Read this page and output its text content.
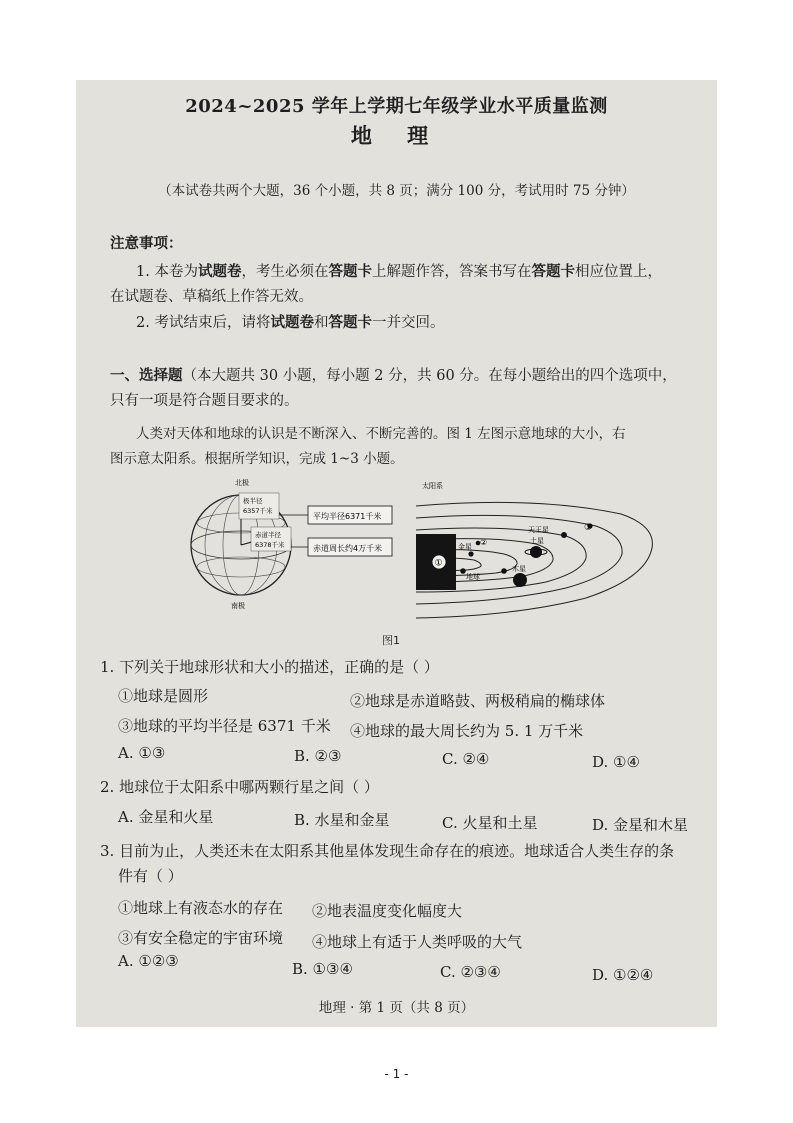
2024~2025 学年上学期七年级学业水平质量监测
地 理
（本试卷共两个大题，36 个小题，共 8 页；满分 100 分，考试用时 75 分钟）
注意事项：
1. 本卷为试题卷，考生必须在答题卡上解题作答，答案书写在答题卡相应位置上，
在试题卷、草稿纸上作答无效。
2. 考试结束后，请将试题卷和答题卡一并交回。
一、选择题（本大题共 30 小题，每小题 2 分，共 60 分。在每小题给出的四个选项中，
只有一项是符合题目要求的。
人类对天体和地球的认识是不断深入、不断完善的。图 1 左图示意地球的大小，右
图示意太阳系。根据所学知识，完成 1~3 小题。
极半径
6357千米
赤道半径
6378千米
北极
南极
平均半径6371千米
赤道周长约4万千米
太阳系
①
金星 ②
地球
木星
土星
天王星	③
图1
1. 下列关于地球形状和大小的描述，正确的是（ ）
①地球是圆形	②地球是赤道略鼓、两极稍扁的椭球体
③地球的平均半径是 6371 千米 ④地球的最大周长约为 5. 1 万千米
A. ①③	B. ②③	C. ②④	D. ①④
2. 地球位于太阳系中哪两颗行星之间（ ）
A. 金星和火星	B. 水星和金星	C. 火星和土星	D. 金星和木星
3. 目前为止，人类还未在太阳系其他星体发现生命存在的痕迹。地球适合人类生存的条
件有（ ）
①地球上有液态水的存在 ②地表温度变化幅度大
③有安全稳定的宇宙环境 ④地球上有适于人类呼吸的大气
A. ①②③	B. ①③④	C. ②③④	D. ①②④
地理 · 第 1 页（共 8 页）
- 1 -
